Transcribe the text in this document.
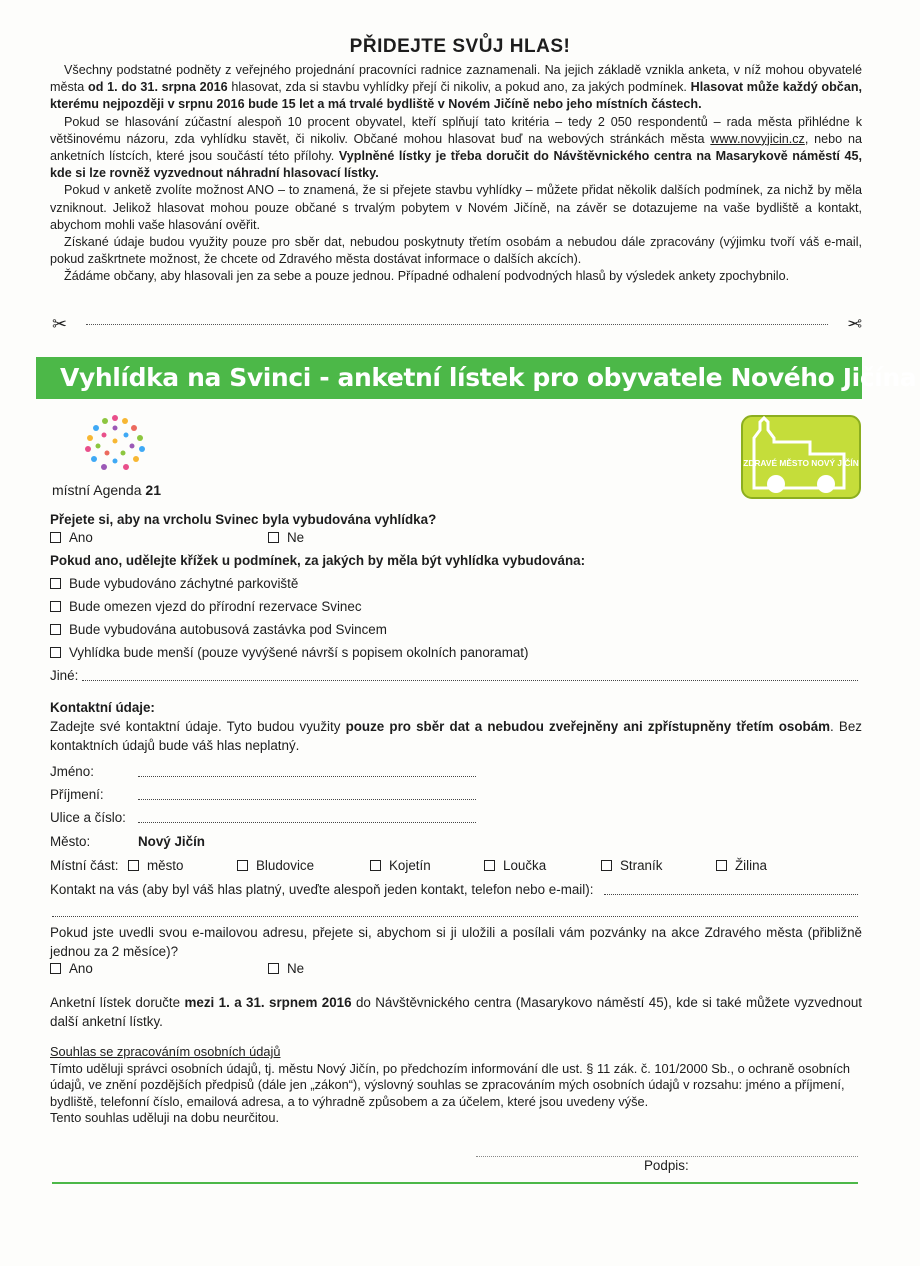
PŘIDEJTE SVŮJ HLAS!

Všechny podstatné podněty z veřejného projednání pracovníci radnice zaznamenali. Na jejich základě vznikla anketa, v níž mohou obyvatelé města od 1. do 31. srpna 2016 hlasovat, zda si stavbu vyhlídky přejí či nikoliv, a pokud ano, za jakých podmínek. Hlasovat může každý občan, kterému nejpozději v srpnu 2016 bude 15 let a má trvalé bydliště v Novém Jičíně nebo jeho místních částech.

Pokud se hlasování zúčastní alespoň 10 procent obyvatel, kteří splňují tato kritéria – tedy 2 050 respondentů – rada města přihlédne k většinovému názoru, zda vyhlídku stavět, či nikoliv. Občané mohou hlasovat buď na webových stránkách města www.novyjicin.cz, nebo na anketních lístcích, které jsou součástí této přílohy. Vyplněné lístky je třeba doručit do Návštěvnického centra na Masarykově náměstí 45, kde si lze rovněž vyzvednout náhradní hlasovací lístky.

Pokud v anketě zvolíte možnost ANO – to znamená, že si přejete stavbu vyhlídky – můžete přidat několik dalších podmínek, za nichž by měla vzniknout. Jelikož hlasovat mohou pouze občané s trvalým pobytem v Novém Jičíně, na závěr se dotazujeme na vaše bydliště a kontakt, abychom mohli vaše hlasování ověřit.

Získané údaje budou využity pouze pro sběr dat, nebudou poskytnuty třetím osobám a nebudou dále zpracovány (výjimku tvoří váš e-mail, pokud zaškrtnete možnost, že chcete od Zdravého města dostávat informace o dalších akcích).

Žádáme občany, aby hlasovali jen za sebe a pouze jednou. Případné odhalení podvodných hlasů by výsledek ankety zpochybnilo.

✂	✂
Vyhlídka na Svinci - anketní lístek pro obyvatele Nového Jičína
místní Agenda 21
ZDRAVÉ MĚSTO NOVÝ JIČÍN
Přejete si, aby na vrcholu Svinec byla vybudována vyhlídka?
Ano	Ne
Pokud ano, udělejte křížek u podmínek, za jakých by měla být vyhlídka vybudována:
Bude vybudováno záchytné parkoviště
Bude omezen vjezd do přírodní rezervace Svinec
Bude vybudována autobusová zastávka pod Svincem
Vyhlídka bude menší (pouze vyvýšené návrší s popisem okolních panoramat)
Jiné:
Kontaktní údaje:
Zadejte své kontaktní údaje. Tyto budou využity pouze pro sběr dat a nebudou zveřejněny ani zpřístupněny třetím osobám. Bez kontaktních údajů bude váš hlas neplatný.
Jméno:
Příjmení:
Ulice a číslo:
Město:	Nový Jičín
Místní část:	město	Bludovice	Kojetín	Loučka	Straník	Žilina
Kontakt na vás (aby byl váš hlas platný, uveďte alespoň jeden kontakt, telefon nebo e-mail):
Pokud jste uvedli svou e-mailovou adresu, přejete si, abychom si ji uložili a posílali vám pozvánky na akce Zdravého města (přibližně jednou za 2 měsíce)?
Ano	Ne
Anketní lístek doručte mezi 1. a 31. srpnem 2016 do Návštěvnického centra (Masarykovo náměstí 45), kde si také můžete vyzvednout další anketní lístky.
Souhlas se zpracováním osobních údajů
Tímto uděluji správci osobních údajů, tj. městu Nový Jičín, po předchozím informování dle ust. § 11 zák. č. 101/2000 Sb., o ochraně osobních údajů, ve znění pozdějších předpisů (dále jen „zákon“), výslovný souhlas se zpracováním mých osobních údajů v rozsahu: jméno a příjmení, bydliště, telefonní číslo, emailová adresa, a to výhradně způsobem a za účelem, které jsou uvedeny výše.
Tento souhlas uděluji na dobu neurčitou.
Podpis:
